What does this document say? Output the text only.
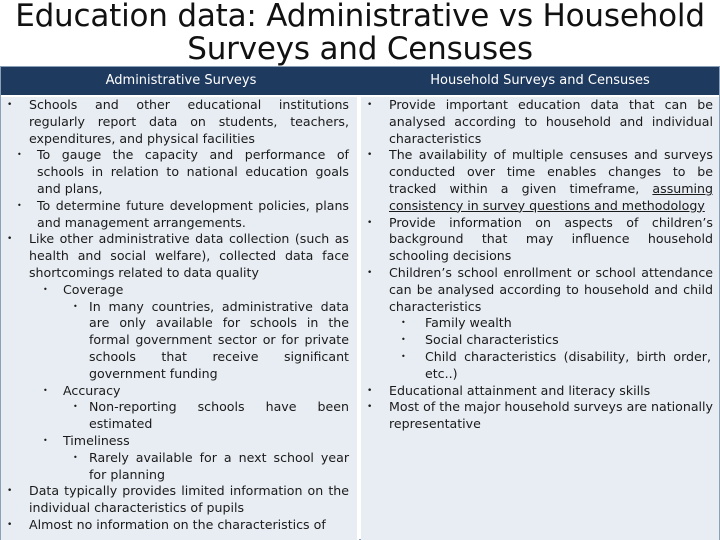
Education data: Administrative vs Household
Surveys and Censuses
Administrative Surveys	Household Surveys and Censuses
• Schools and other educational institutions regularly report data on students, teachers, expenditures, and physical facilities
• To gauge the capacity and performance of schools in relation to national education goals and plans,
• To determine future development policies, plans and management arrangements.
• Like other administrative data collection (such as health and social welfare), collected data face shortcomings related to data quality
• Coverage
• In many countries, administrative data are only available for schools in the formal government sector or for private schools that receive significant government funding
• Accuracy
• Non-reporting schools have been estimated
• Timeliness
• Rarely available for a next school year for planning
• Data typically provides limited information on the individual characteristics of pupils
• Almost no information on the characteristics of
• Provide important education data that can be analysed according to household and individual characteristics
• The availability of multiple censuses and surveys conducted over time enables changes to be tracked within a given timeframe, assuming consistency in survey questions and methodology
• Provide information on aspects of children’s background that may influence household schooling decisions
• Children’s school enrollment or school attendance can be analysed according to household and child characteristics
• Family wealth
• Social characteristics
• Child characteristics (disability, birth order, etc..)
• Educational attainment and literacy skills
• Most of the major household surveys are nationally representative
